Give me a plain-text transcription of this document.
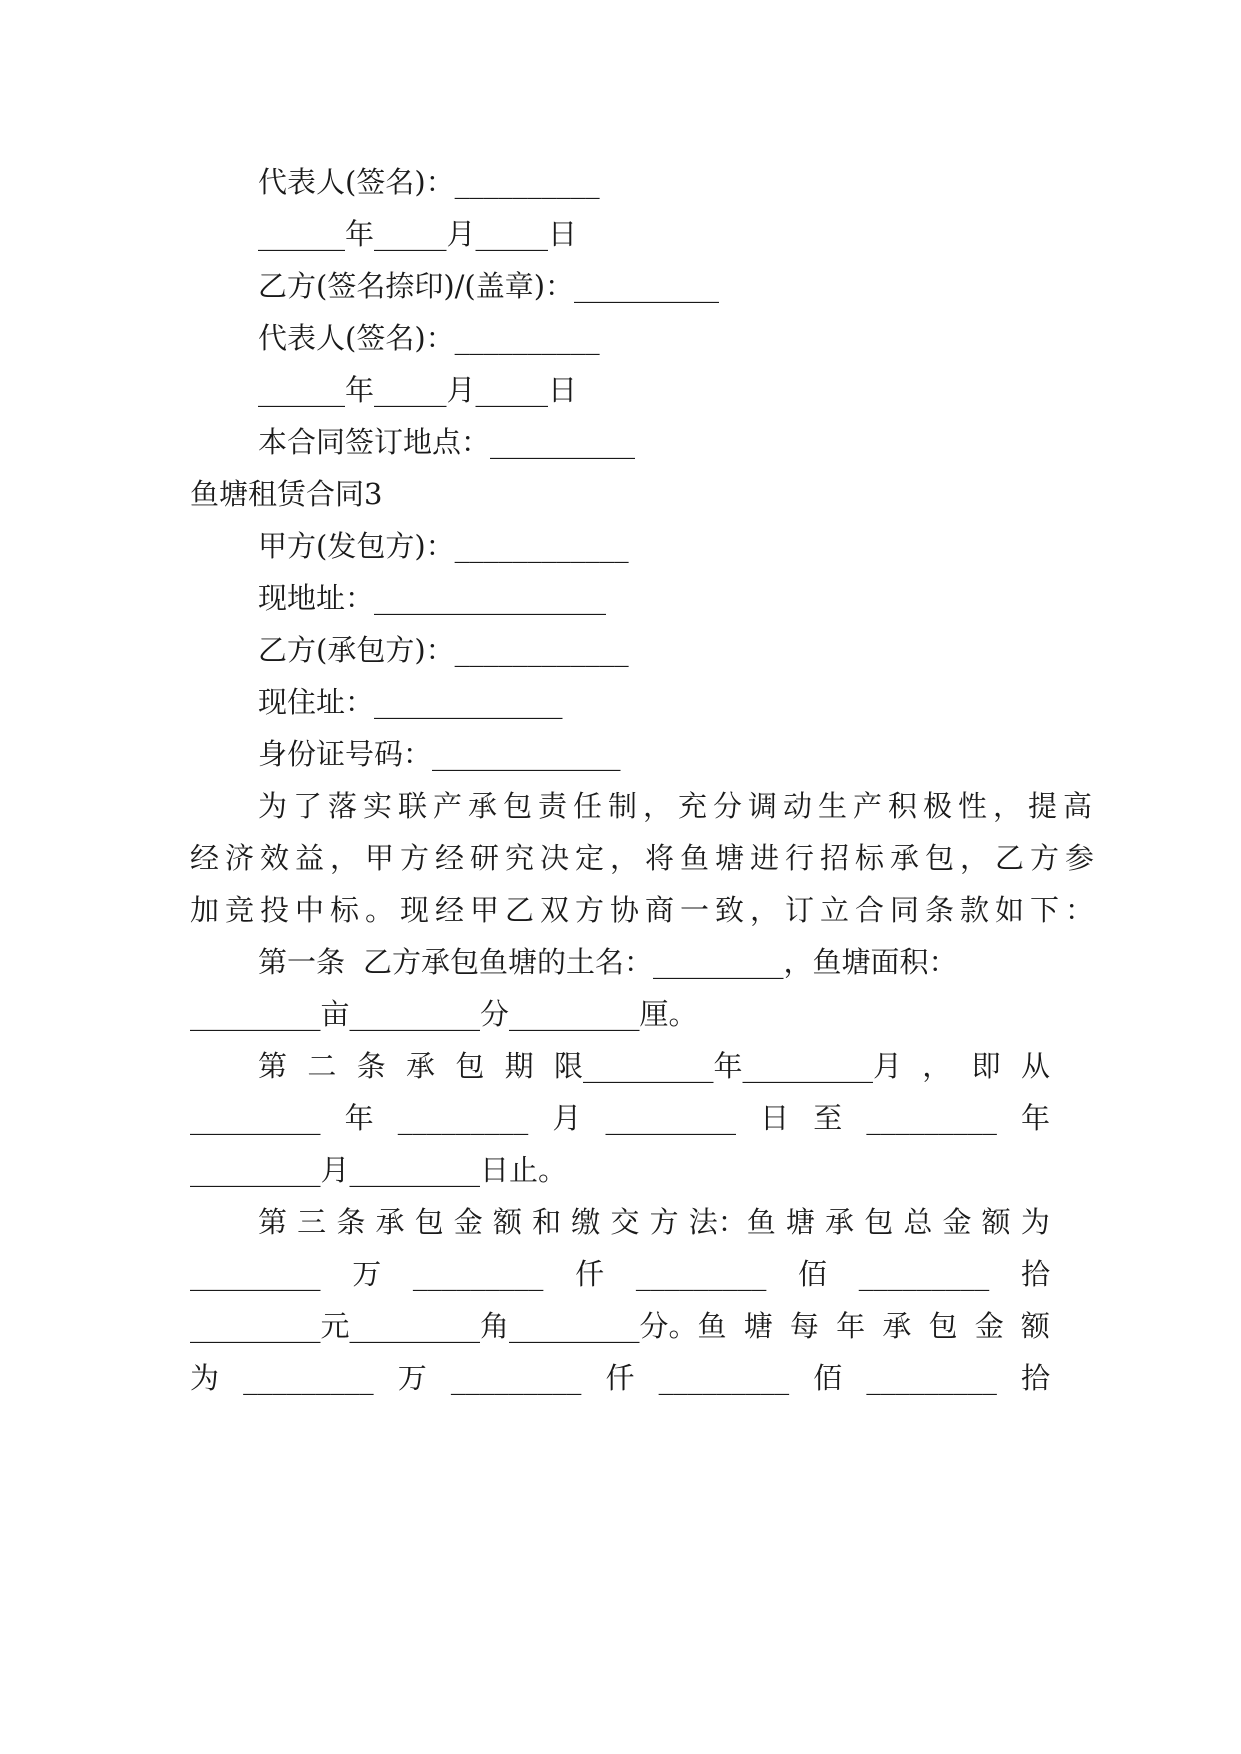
代表人(签名)：__________
______年_____月_____日
乙方(签名捺印)/(盖章)：__________
代表人(签名)：__________
______年_____月_____日
本合同签订地点：__________
鱼塘租赁合同3
甲方(发包方)：____________
现地址：________________
乙方(承包方)：____________
现住址：_____________
身份证号码：_____________
为了落实联产承包责任制，充分调动生产积极性，提高
经济效益，甲方经研究决定，将鱼塘进行招标承包，乙方参
加竞投中标。现经甲乙双方协商一致，订立合同条款如下：
第一条 乙方承包鱼塘的土名：_________，鱼塘面积：
_________亩_________分_________厘。
第 二 条 承 包 期 限_________年_________月 ， 即 从
_________ 年 _________ 月 _________ 日 至 _________ 年
_________月_________日止。
第 三 条 承 包 金 额 和 缴 交 方 法：鱼 塘 承 包 总 金 额 为
_________ 万 _________ 仟 _________ 佰 _________ 拾
_________元_________角_________分。鱼 塘 每 年 承 包 金 额
为 _________ 万 _________ 仟 _________ 佰 _________ 拾
